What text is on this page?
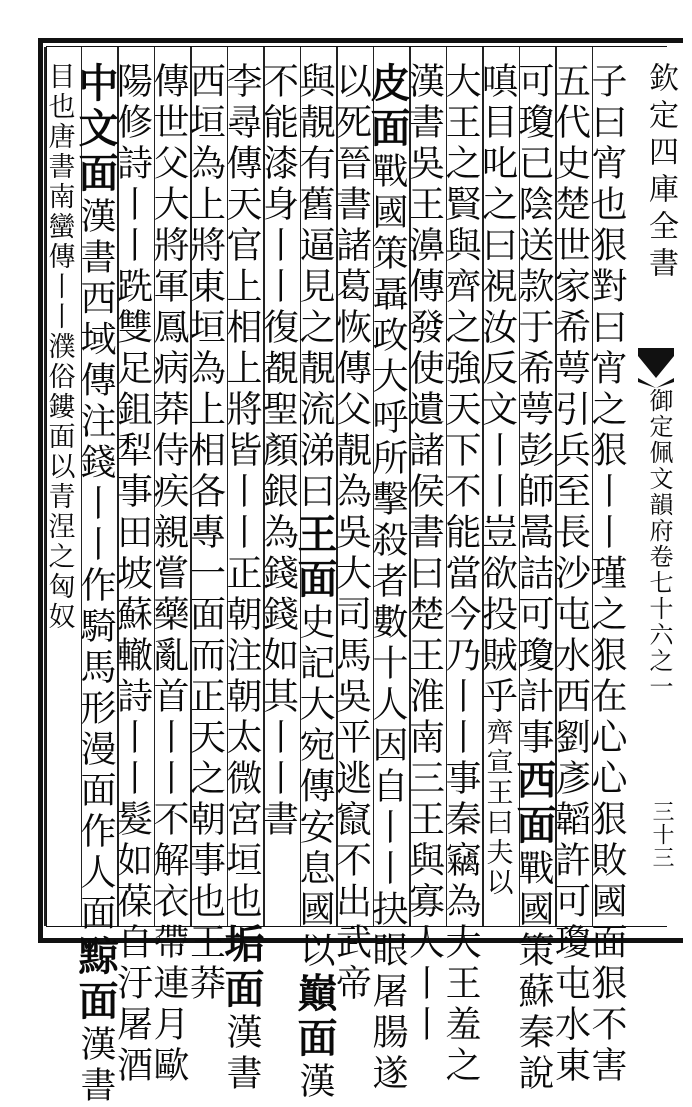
子曰宵也狠對曰宵之狠丨丨瑾之狠在心心狠敗國面狠不害
五代史楚世家希萼引兵至長沙屯水西劉彥韜許可瓊屯水東
可瓊已陰送款于希萼彭師暠詰可瓊計事西面戰國策蘇秦說
嗔目叱之曰視汝反文丨丨豈欲投賊乎齊宣王曰夫以
大王之賢與齊之強天下不能當今乃丨丨事秦竊為大王羞之
漢書吳王濞傳發使遺諸侯書曰楚王淮南三王與寡人丨丨
皮面戰國策聶政大呼所擊殺者數十人因自丨丨抉眼屠腸遂
以死晉書諸葛恢傳父靚為吳大司馬吳平逃竄不出武帝
與靚有舊逼見之靚流涕曰王面史記大宛傳安息國以巔面漢
不能漆身丨丨復覩聖顏銀為錢錢如其丨丨書
李尋傳天官上相上將皆丨丨正朝注朝太微宮垣也垢面漢書
西垣為上將東垣為上相各專一面而正天之朝事也王莽
傳世父大將軍鳳病莽侍疾親嘗藥亂首丨丨不解衣帶連月歐
陽修詩丨丨跣雙足鉏犁事田坡蘇轍詩丨丨髮如葆自汙屠酒
中文面漢書西域傳注錢丨丨作騎馬形漫面作人面黥面漢書
目也唐書南蠻傳丨丨濮俗鏤面以青涅之匈奴
欽定四庫全書
御定佩文韻府卷七十六之一
三十三
